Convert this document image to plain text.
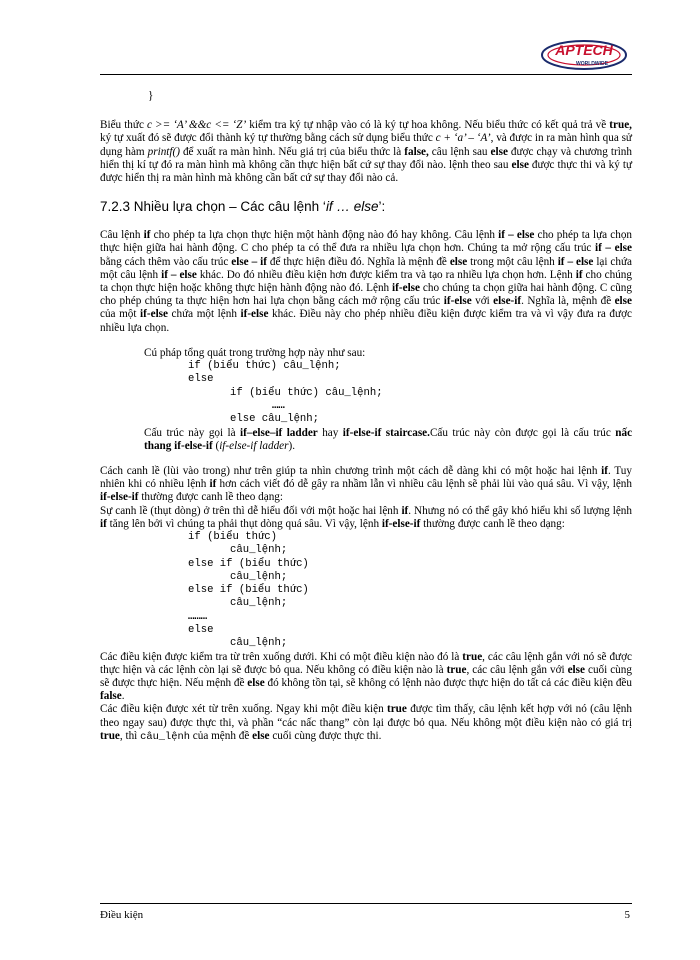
APTECH
WORLDWIDE

}

Biểu thức c >= ‘A’ &&c <= ‘Z’ kiểm tra ký tự nhập vào có là ký tự hoa không. Nếu biểu thức có kết quả trả về true, ký tự xuất đó sẽ được đổi thành ký tự thường bằng cách sử dụng biểu thức c + ‘a’ – ‘A’, và được in ra màn hình qua sử dụng hàm printf() để xuất ra màn hình. Nếu giá trị của biểu thức là false, câu lệnh sau else được chạy và chương trình hiển thị kí tự đó ra màn hình mà không cần thực hiện bất cứ sự thay đổi nào. lệnh theo sau else được thực thi và ký tự được hiển thị ra màn hình mà không cần bất cứ sự thay đổi nào cả.

7.2.3 Nhiều lựa chọn – Các câu lệnh ‘if … else’:

Câu lệnh if cho phép ta lựa chọn thực hiện một hành động nào đó hay không. Câu lệnh if – else cho phép ta lựa chọn thực hiện giữa hai hành động. C cho phép ta có thể đưa ra nhiều lựa chọn hơn. Chúng ta mở rộng cấu trúc if – else bằng cách thêm vào cấu trúc else – if để thực hiện điều đó. Nghĩa là mệnh đề else trong một câu lệnh if – else lại chứa một câu lệnh if – else khác. Do đó nhiều điều kiện hơn được kiểm tra và tạo ra nhiều lựa chọn hơn. Lệnh if cho chúng ta chọn thực hiện hoặc không thực hiện hành động nào đó. Lệnh if-else cho chúng ta chọn giữa hai hành động. C cũng cho phép chúng ta thực hiện hơn hai lựa chọn bằng cách mở rộng cấu trúc if-else với else-if. Nghĩa là, mệnh đề else của một if-else chứa một lệnh if-else khác. Điều này cho phép nhiều điều kiện được kiểm tra và vì vậy đưa ra được nhiều lựa chọn.

Cú pháp tổng quát trong trường hợp này như sau:

if (biểu thức) câu_lệnh;

else

if (biểu thức) câu_lệnh;

……

else câu_lệnh;

Cấu trúc này gọi là if–else–if ladder hay if-else-if staircase.Cấu trúc này còn được gọi là cấu trúc nấc thang if-else-if (if-else-if ladder).

Cách canh lề (lùi vào trong) như trên giúp ta nhìn chương trình một cách dễ dàng khi có một hoặc hai lệnh if. Tuy nhiên khi có nhiều lệnh if hơn cách viết đó dễ gây ra nhầm lẫn vì nhiều câu lệnh sẽ phải lùi vào quá sâu. Vì vậy, lệnh if-else-if thường được canh lề theo dạng:

Sự canh lề (thụt dòng) ở trên thì dễ hiểu đối với một hoặc hai lệnh if. Nhưng nó có thể gây khó hiểu khi số lượng lệnh if tăng lên bởi vì chúng ta phải thụt dòng quá sâu. Vì vậy, lệnh if-else-if thường được canh lề theo dạng:

if (biểu thức)

câu_lệnh;

else if (biểu thức)

câu_lệnh;

else if (biểu thức)

câu_lệnh;

………

else

câu_lệnh;

Các điều kiện được kiểm tra từ trên xuống dưới. Khi có một điều kiện nào đó là true, các câu lệnh gắn với nó sẽ được thực hiện và các lệnh còn lại sẽ được bỏ qua. Nếu không có điều kiện nào là true, các câu lệnh gắn với else cuối cùng sẽ được thực hiện. Nếu mệnh đề else đó không tồn tại, sẽ không có lệnh nào được thực hiện do tất cả các điều kiện đều false.

Các điều kiện được xét từ trên xuống. Ngay khi một điều kiện true được tìm thấy, câu lệnh kết hợp với nó (câu lệnh theo ngay sau) được thực thi, và phần “các nấc thang” còn lại được bỏ qua. Nếu không một điều kiện nào có giá trị true, thì câu_lệnh của mệnh đề else cuối cùng được thực thi.

Điều kiện	5
